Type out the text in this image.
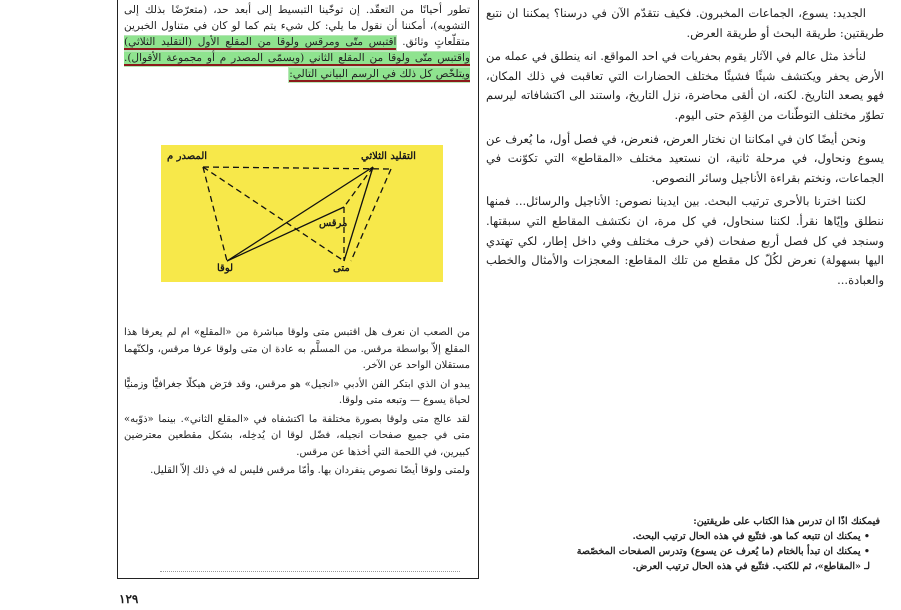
تطور أحيانًا من التعقّد. إن توخّينا التبسيط إلى أبعد حد، (متعرّضًا بذلك إلى التشويه)، أمكننا أن نقول ما يلي: كل شيء يتم كما لو كان في متناول الخبرين متقلّعاتٍ وثائق. اقتبس متّى ومرقس ولوقا من المقلع الأول (التقليد الثلاثي) واقتبس متّى ولوقا من المقلع الثاني (ويسمّى المصدر م أو مجموعة الأقوال). ويتلخّص كل ذلك في الرسم البياني التالي:
التقليد الثلاثي
المصدر م
مرقس
متى
لوقا

من الصعب ان نعرف هل اقتبس متى ولوقا مباشرة من «المقلع» ام لم يعرفا هذا المقلع إلاّ بواسطة مرقس. من المسلَّم به عادة ان متى ولوقا عرفا مرقس، ولكنّهما مستقلان الواحد عن الآخر.

يبدو ان الذي ابتكر الفن الأدبي «انجيل» هو مرقس، وقد فرَض هيكلًا جغرافيًّا وزمنيًّا لحياة يسوع — وتبعه متى ولوقا.

لقد عالج متى ولوقا بصورة مختلفة ما اكتشفاه في «المقلع الثاني». بينما «ذوّبه» متى في جميع صفحات انجيله، فضّل لوقا ان يُدخِله، بشكل مقطعين معترضين كبيرين، في اللحمة التي أخذها عن مرقس.

ولمتى ولوقا أيضًا نصوص ينفردان بها. وأمّا مرقس فليس له في ذلك إلاّ القليل.

١٢٩

الجديد: يسوع، الجماعات المخبرون. فكيف نتقدّم الآن في درسنا؟ يمكننا ان نتبع طريقتين: طريقة البحث أو طريقة العرض.

لنأخذ مثل عالم في الآثار يقوم بحفريات في احد المواقع. انه ينطلق في عمله من الأرض يحفر ويكتشف شيئًا فشيئًا مختلف الحضارات التي تعاقبت في ذلك المكان، فهو يصعد التاريخ. لكنه، ان ألقى محاضرة، نزل التاريخ، واستند الى اكتشافاته ليرسم تطوّر مختلف التوطّنات من القِدَم حتى اليوم.

ونحن أيضًا كان في امكاننا ان نختار العرض، فنعرض، في فصل أول، ما يُعرف عن يسوع ونحاول، في مرحلة ثانية، ان نستعيد مختلف «المقاطع» التي تكوّنت في الجماعات، ونختم بقراءة الأناجيل وسائر النصوص.

لكننا اخترنا بالأحرى ترتيب البحث. بين ايدينا نصوص: الأناجيل والرسائل... فمنها ننطلق وإيّاها نقرأ. لكننا سنحاول، في كل مرة، ان نكتشف المقاطع التي سبقتها. وسنجد في كل فصل أربع صفحات (في حرف مختلف وفي داخل إطار، لكي تهتدي اليها بسهولة) نعرض لكُلّ كل مقطع من تلك المقاطع: المعجزات والأمثال والخطب والعبادة...

فيمكنك اذًا ان تدرس هذا الكتاب على طريقتين:
• يمكنك ان تتبعه كما هو. فتتّبع في هذه الحال ترتيب البحث.
• يمكنك ان تبدأ بالختام (ما يُعرف عن يسوع) وتدرس الصفحات المخصّصة لـ «المقاطع»، ثم للكتب. فتتّبع في هذه الحال ترتيب العرض.
